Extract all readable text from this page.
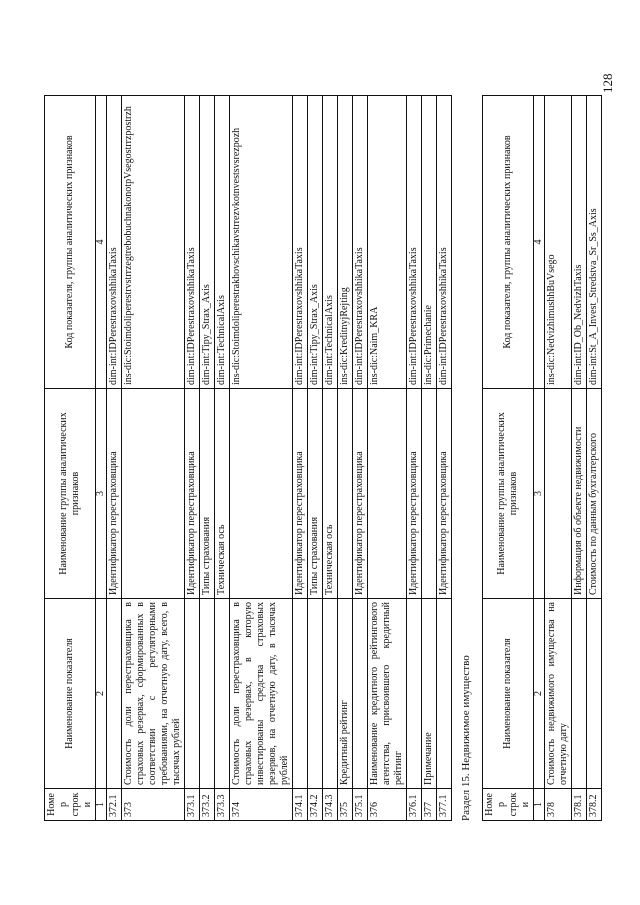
Номер строки	Наименование показателя	Наименование группы аналитических признаков	Код показателя, группы аналитических признаков
1	2	3	4
372.1		Идентификатор перестраховщика	dim-int:IDPerestraxovshhikaTaxis
373	Стоимость доли перестраховщика в страховых резервах, сформированных в соответствии с регуляторными требованиями, на отчетную дату, всего, в тысячах рублей		ins-dic:StoimdoliperestrvstrrzegtrebobuchnakonotpVsegostrrzpostrzh
373.1		Идентификатор перестраховщика	dim-int:IDPerestraxovshhikaTaxis
373.2		Типы страхования	dim-int:Tipy_Strax_Axis
373.3		Техническая ось	dim-int:TechnicalAxis
374	Стоимость доли перестраховщика в страховых резервах, в которую инвестированы средства страховых резервов, на отчетную дату, в тысячах рублей		ins-dic:Stoimdoliperestrakhovschikavstrrezvkotnvestsvsrezpozh
374.1		Идентификатор перестраховщика	dim-int:IDPerestraxovshhikaTaxis
374.2		Типы страхования	dim-int:Tipy_Strax_Axis
374.3		Техническая ось	dim-int:TechnicalAxis
375	Кредитный рейтинг		ins-dic:KreditnyjRejting
375.1		Идентификатор перестраховщика	dim-int:IDPerestraxovshhikaTaxis
376	Наименование кредитного рейтингового агентства, присвоившего кредитный рейтинг		ins-dic:Naim_KRA
376.1		Идентификатор перестраховщика	dim-int:IDPerestraxovshhikaTaxis
377	Примечание		ins-dic:Primechanie
377.1		Идентификатор перестраховщика	dim-int:IDPerestraxovshhikaTaxis
Раздел 15. Недвижимое имущество Номер строки	Наименование показателя	Наименование группы аналитических признаков	Код показателя, группы аналитических признаков
1	2	3	4
378	Стоимость недвижимого имущества на отчетную дату		ins-dic:NedvizhimushhBuVsego
378.1		Информация об объекте недвижимости	dim-int:ID_Ob_NedvizhTaxis
378.2		Стоимость по данным бухгалтерского	dim-int:St_A_Invest_Stredstva_Sr_Ss_Axis
128
